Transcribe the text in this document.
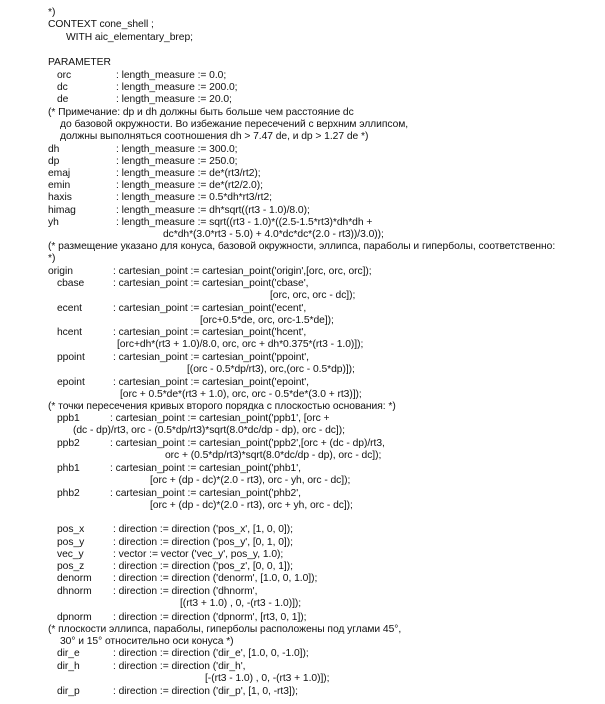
*)
CONTEXT cone_shell ;
WITH aic_elementary_brep;
PARAMETER
orc	: length_measure := 0.0;
dc	: length_measure := 200.0;
de	: length_measure := 20.0;
(* Примечание: dp и dh должны быть больше чем расстояние dc
до базовой окружности. Во избежание пересечений с верхним эллипсом,
должны выполняться соотношения dh > 7.47 de, и dp > 1.27 de *)
dh	: length_measure := 300.0;
dp	: length_measure := 250.0;
emaj	: length_measure := de*(rt3/rt2);
emin	: length_measure := de*(rt2/2.0);
haxis	: length_measure := 0.5*dh*rt3/rt2;
himag	: length_measure := dh*sqrt((rt3 - 1.0)/8.0);
yh	: length_measure := sqrt((rt3 - 1.0)*((2.5-1.5*rt3)*dh*dh +
dc*dh*(3.0*rt3 - 5.0) + 4.0*dc*dc*(2.0 - rt3))/3.0));
(* размещение указано для конуса, базовой окружности, эллипса, параболы и гиперболы, соответственно:
*)
origin	: cartesian_point := cartesian_point('origin',[orc, orc, orc]);
cbase	: cartesian_point := cartesian_point('cbase',
[orc, orc, orc - dc]);
ecent	: cartesian_point := cartesian_point('ecent',
[orc+0.5*de, orc, orc-1.5*de]);
hcent	: cartesian_point := cartesian_point('hcent',
[orc+dh*(rt3 + 1.0)/8.0, orc, orc + dh*0.375*(rt3 - 1.0)]);
ppoint	: cartesian_point := cartesian_point('ppoint',
[(orc - 0.5*dp/rt3), orc,(orc - 0.5*dp)]);
epoint	: cartesian_point := cartesian_point('epoint',
[orc + 0.5*de*(rt3 + 1.0), orc, orc - 0.5*de*(3.0 + rt3)]);
(* точки пересечения кривых второго порядка с плоскостью основания: *)
ppb1	: cartesian_point := cartesian_point('ppb1', [orc +
(dc - dp)/rt3, orc - (0.5*dp/rt3)*sqrt(8.0*dc/dp - dp), orc - dc]);
ppb2	: cartesian_point := cartesian_point('ppb2',[orc + (dc - dp)/rt3,
orc + (0.5*dp/rt3)*sqrt(8.0*dc/dp - dp), orc - dc]);
phb1	: cartesian_point := cartesian_point('phb1',
[orc + (dp - dc)*(2.0 - rt3), orc - yh, orc - dc]);
phb2	: cartesian_point := cartesian_point('phb2',
[orc + (dp - dc)*(2.0 - rt3), orc + yh, orc - dc]);
pos_x	: direction := direction ('pos_x', [1, 0, 0]);
pos_y	: direction := direction ('pos_y', [0, 1, 0]);
vec_y	: vector := vector ('vec_y', pos_y, 1.0);
pos_z	: direction := direction ('pos_z', [0, 0, 1]);
denorm : direction := direction ('denorm', [1.0, 0, 1.0]);
dhnorm : direction := direction ('dhnorm',
[(rt3 + 1.0) , 0, -(rt3 - 1.0)]);
dpnorm : direction := direction ('dpnorm', [rt3, 0, 1]);
(* плоскости эллипса, параболы, гиперболы расположены под углами 45°,
30° и 15° относительно оси конуса *)
dir_e	: direction := direction ('dir_e', [1.0, 0, -1.0]);
dir_h	: direction := direction ('dir_h',
[-(rt3 - 1.0) , 0, -(rt3 + 1.0)]);
dir_p	: direction := direction ('dir_p', [1, 0, -rt3]);
